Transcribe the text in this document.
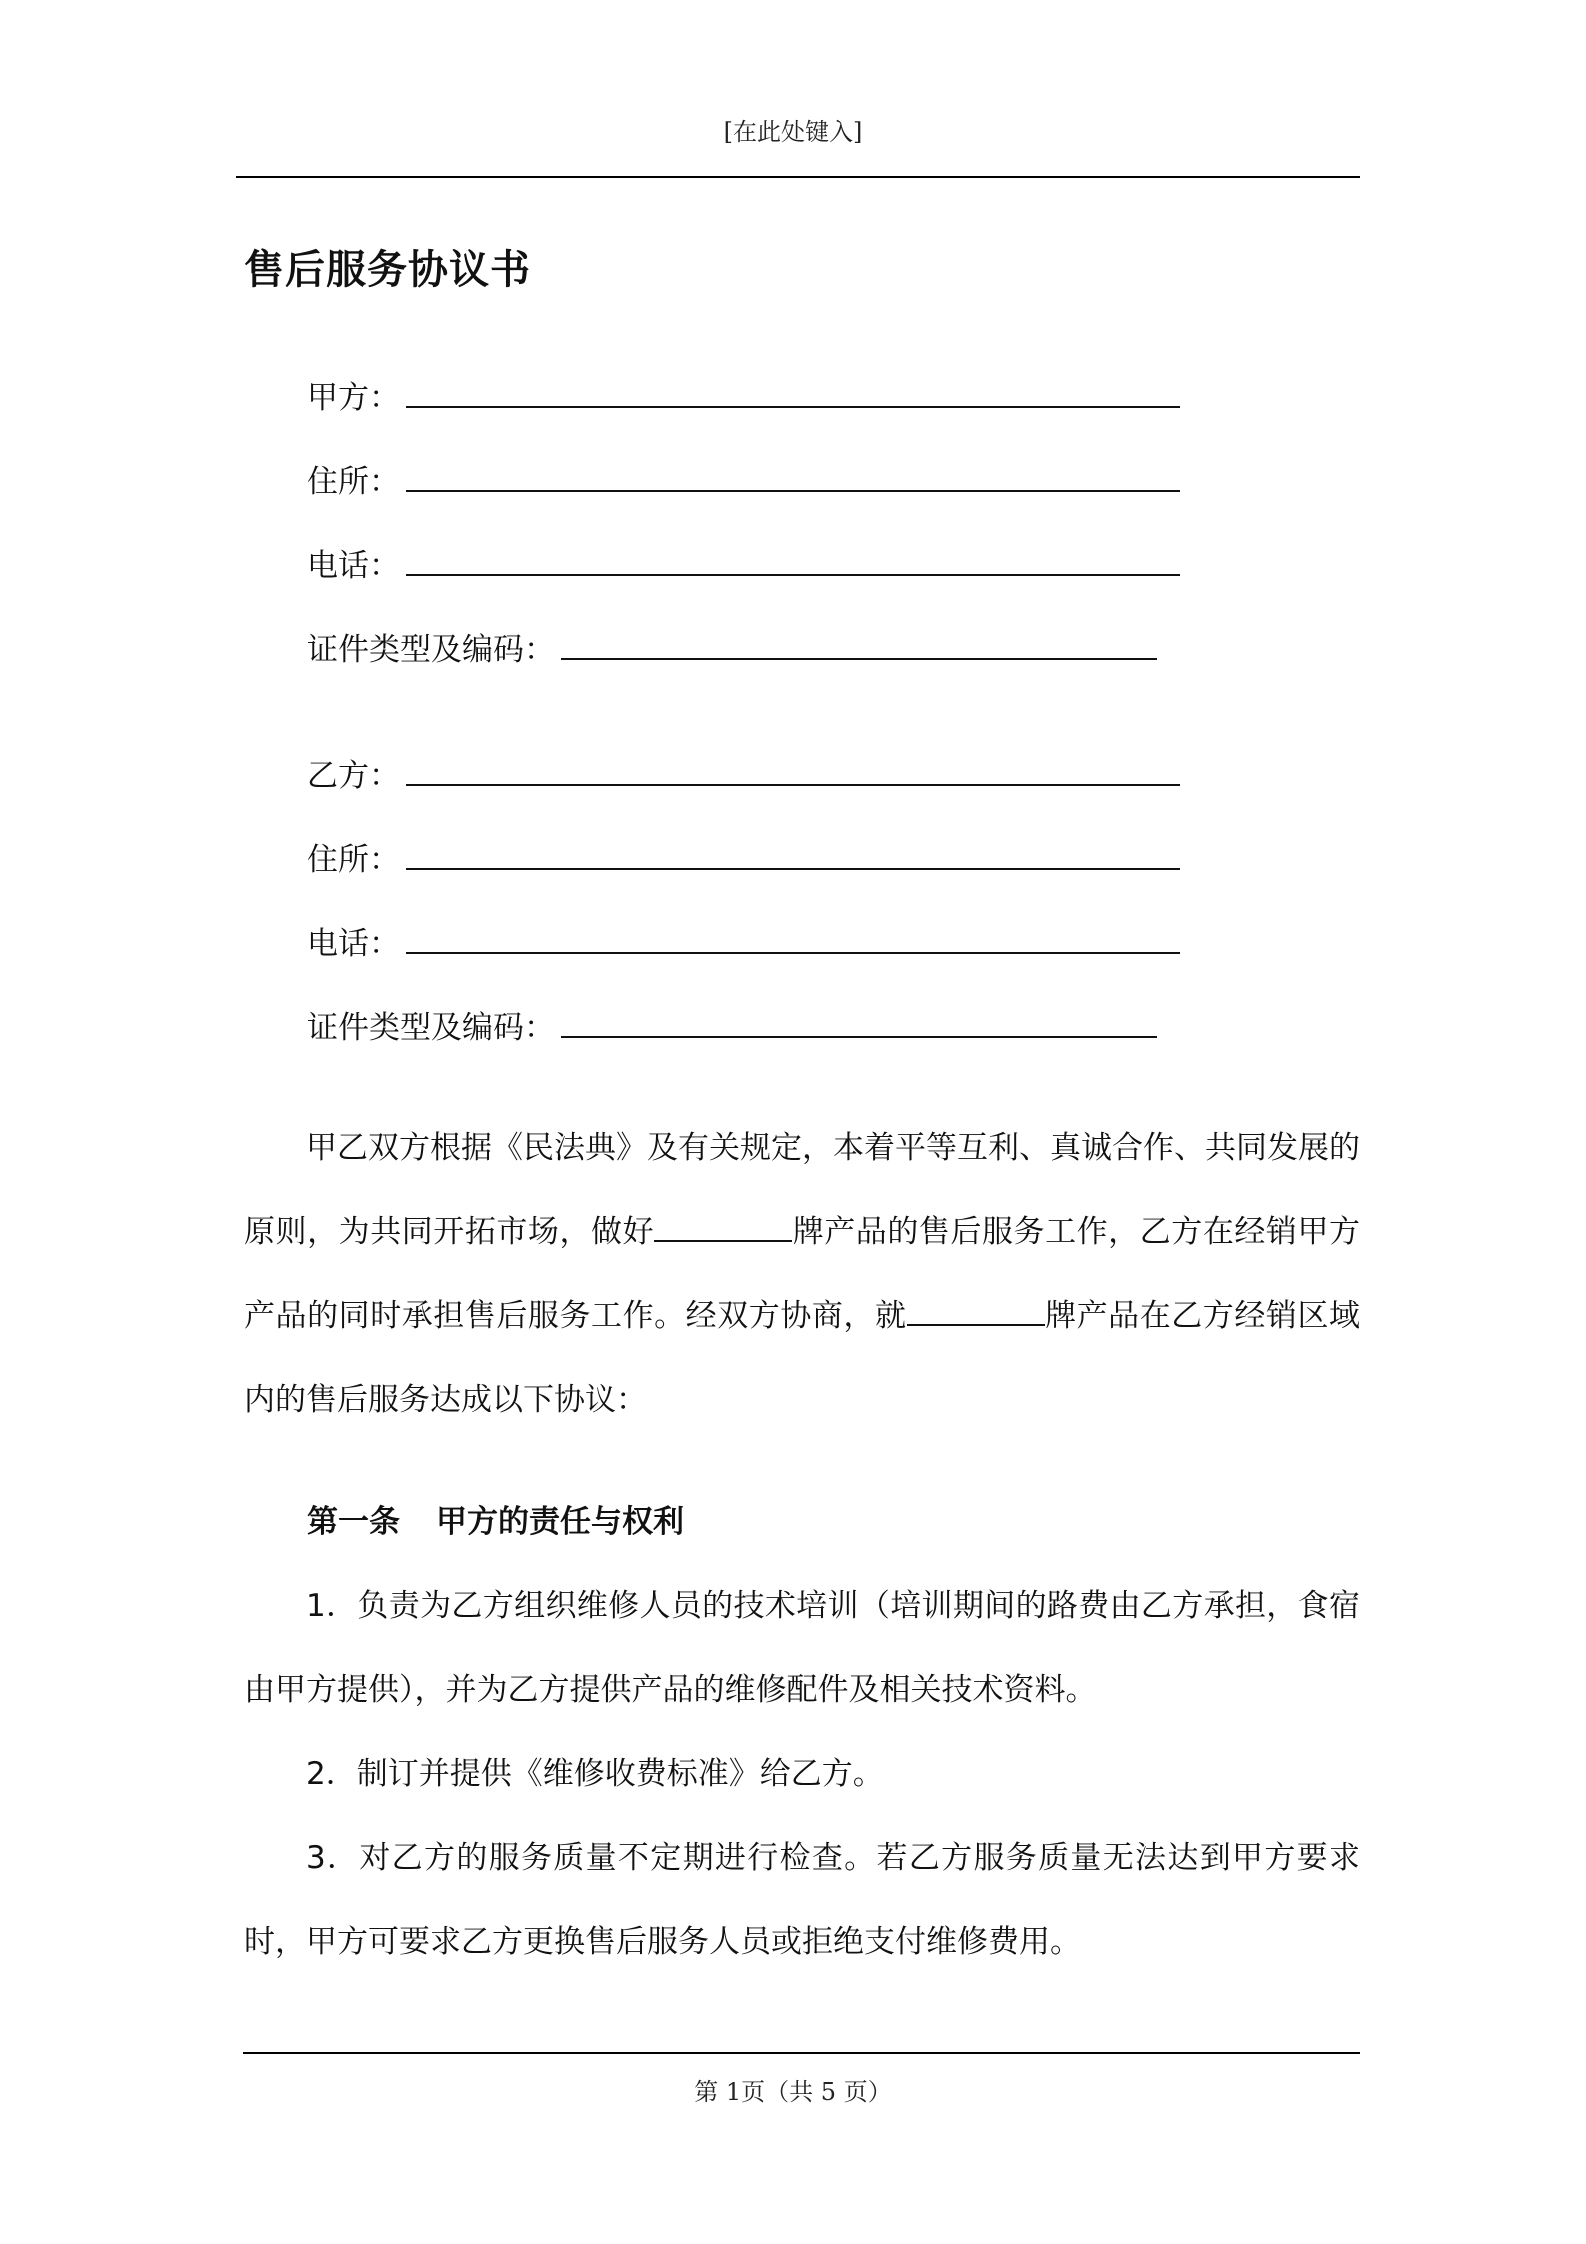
[在此处键入]
售后服务协议书
甲方：
住所：
电话：
证件类型及编码：
乙方：
住所：
电话：
证件类型及编码：

甲乙双方根据《民法典》及有关规定，本着平等互利、真诚合作、共同发展的原则，为共同开拓市场，做好	牌产品的售后服务工作，乙方在经销甲方产品的同时承担售后服务工作。经双方协商，就	牌产品在乙方经销区域内的售后服务达成以下协议：

第一条 甲方的责任与权利

1．负责为乙方组织维修人员的技术培训（培训期间的路费由乙方承担，食宿由甲方提供），并为乙方提供产品的维修配件及相关技术资料。

2．制订并提供《维修收费标准》给乙方。

3．对乙方的服务质量不定期进行检查。若乙方服务质量无法达到甲方要求时，甲方可要求乙方更换售后服务人员或拒绝支付维修费用。

第 1页（共 5 页）
